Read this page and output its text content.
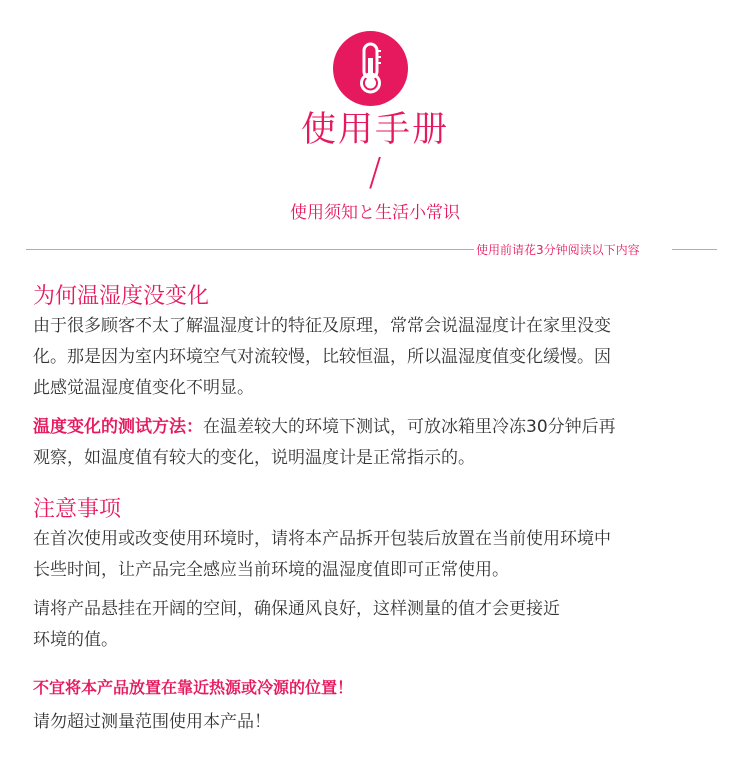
使用手册
/
使用须知と生活小常识
使用前请花3分钟阅读以下内容
为何温湿度没变化
由于很多顾客不太了解温湿度计的特征及原理，常常会说温湿度计在家里没变
化。那是因为室内环境空气对流较慢，比较恒温，所以温湿度值变化缓慢。因
此感觉温湿度值变化不明显。
温度变化的测试方法：在温差较大的环境下测试，可放冰箱里冷冻30分钟后再
观察，如温度值有较大的变化，说明温度计是正常指示的。
注意事项
在首次使用或改变使用环境时，请将本产品拆开包装后放置在当前使用环境中
长些时间，让产品完全感应当前环境的温湿度值即可正常使用。
请将产品悬挂在开阔的空间，确保通风良好，这样测量的值才会更接近
环境的值。
不宜将本产品放置在靠近热源或冷源的位置！
请勿超过测量范围使用本产品！
